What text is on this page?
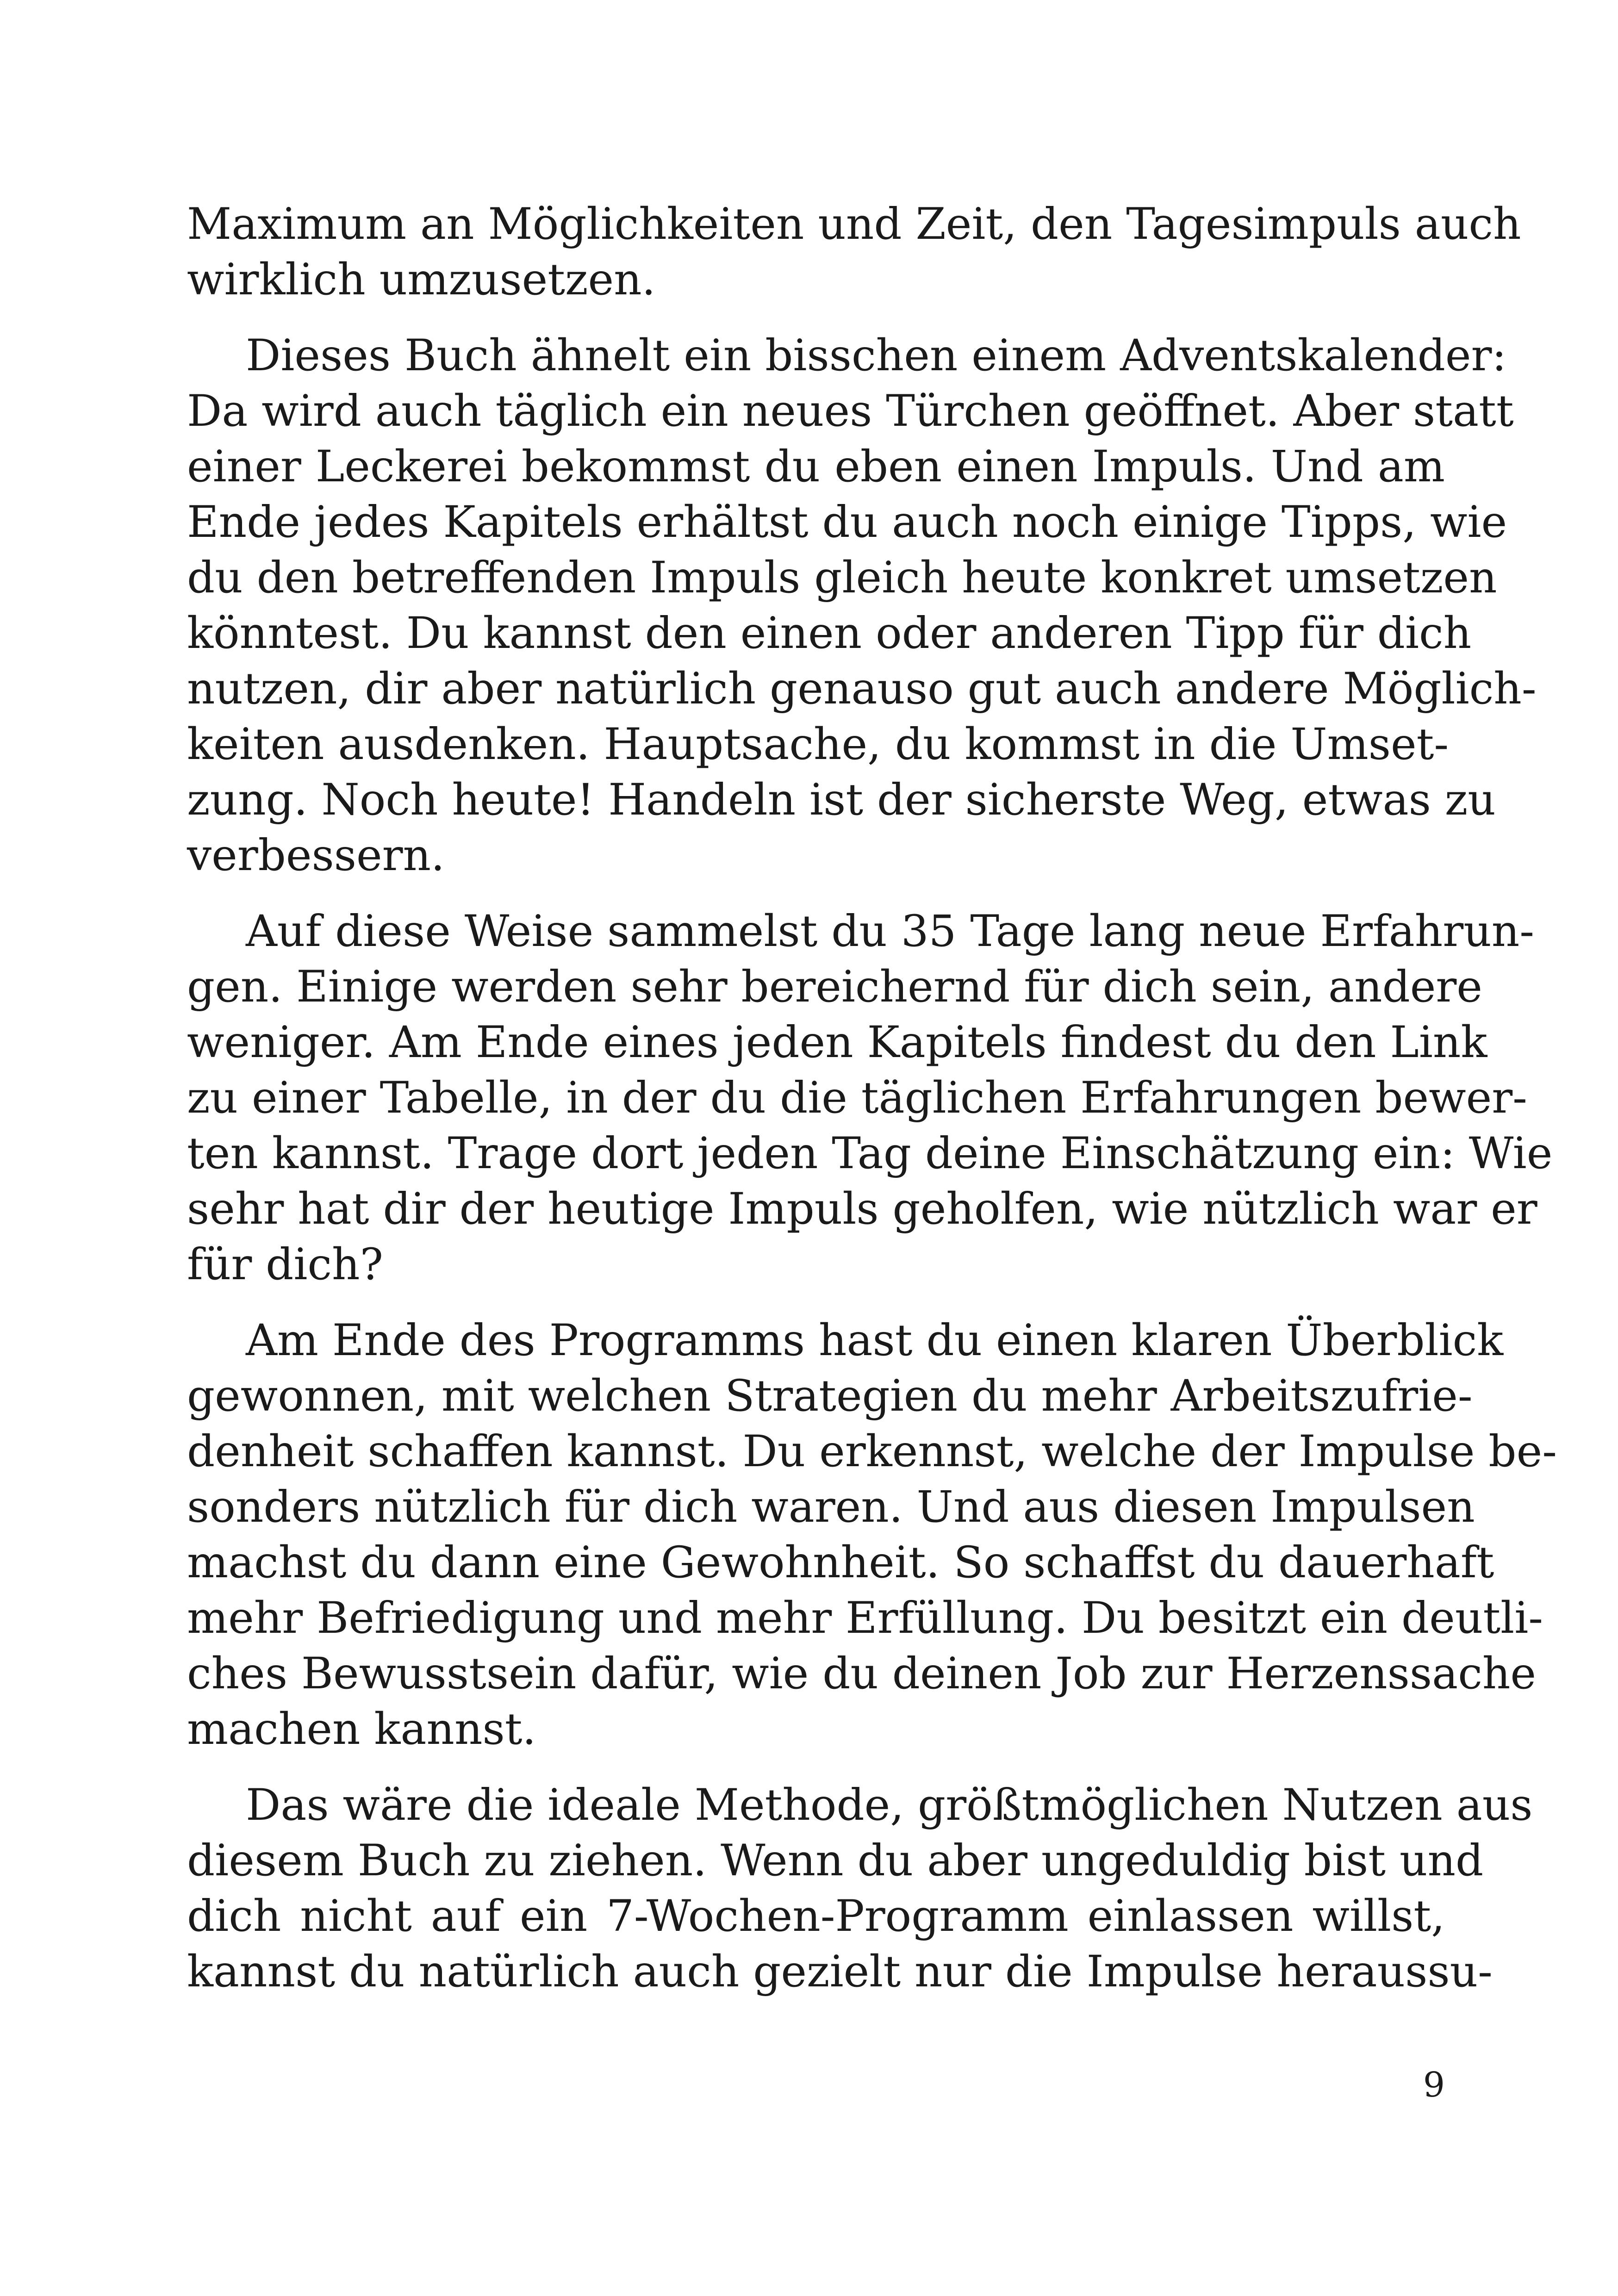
Maximum an Möglichkeiten und Zeit, den Tagesimpuls auch
wirklich umzusetzen.
Dieses Buch ähnelt ein bisschen einem Adventskalender:
Da wird auch täglich ein neues Türchen geöffnet. Aber statt
einer Leckerei bekommst du eben einen Impuls. Und am
Ende jedes Kapitels erhältst du auch noch einige Tipps, wie
du den betreffenden Impuls gleich heute konkret umsetzen
könntest. Du kannst den einen oder anderen Tipp für dich
nutzen, dir aber natürlich genauso gut auch andere Möglich-
keiten ausdenken. Hauptsache, du kommst in die Umset-
zung. Noch heute! Handeln ist der sicherste Weg, etwas zu
verbessern.
Auf diese Weise sammelst du 35 Tage lang neue Erfahrun-
gen. Einige werden sehr bereichernd für dich sein, andere
weniger. Am Ende eines jeden Kapitels findest du den Link
zu einer Tabelle, in der du die täglichen Erfahrungen bewer-
ten kannst. Trage dort jeden Tag deine Einschätzung ein: Wie
sehr hat dir der heutige Impuls geholfen, wie nützlich war er
für dich?
Am Ende des Programms hast du einen klaren Überblick
gewonnen, mit welchen Strategien du mehr Arbeitszufrie-
denheit schaffen kannst. Du erkennst, welche der Impulse be-
sonders nützlich für dich waren. Und aus diesen Impulsen
machst du dann eine Gewohnheit. So schaffst du dauerhaft
mehr Befriedigung und mehr Erfüllung. Du besitzt ein deutli-
ches Bewusstsein dafür, wie du deinen Job zur Herzenssache
machen kannst.
Das wäre die ideale Methode, größtmöglichen Nutzen aus
diesem Buch zu ziehen. Wenn du aber ungeduldig bist und
dich nicht auf ein 7-Wochen-Programm einlassen willst,
kannst du natürlich auch gezielt nur die Impulse heraussu-
9
